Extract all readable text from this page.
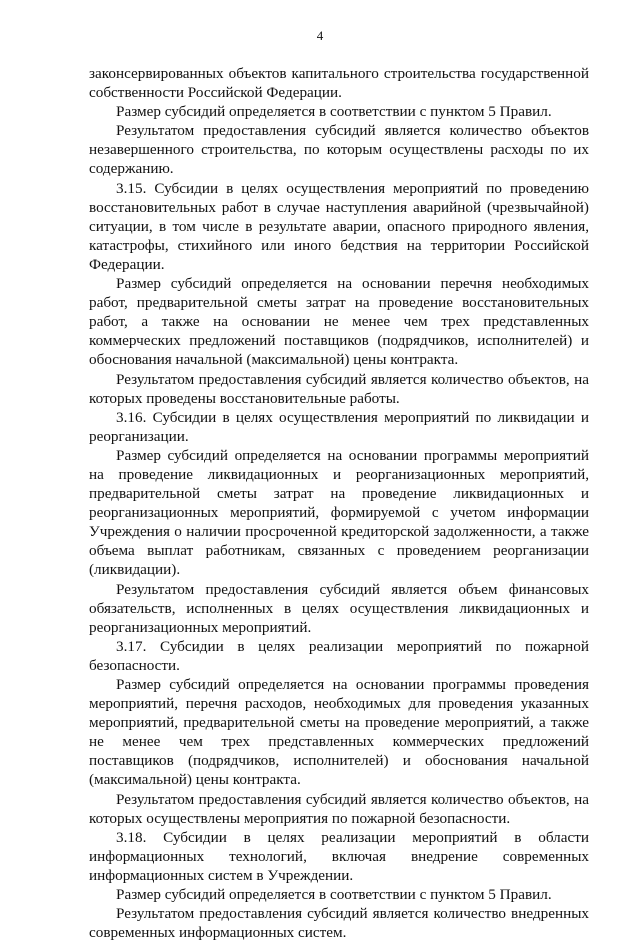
4

законсервированных объектов капитального строительства государственной собственности Российской Федерации.

Размер субсидий определяется в соответствии с пунктом 5 Правил.

Результатом предоставления субсидий является количество объектов незавершенного строительства, по которым осуществлены расходы по их содержанию.

3.15. Субсидии в целях осуществления мероприятий по проведению восстановительных работ в случае наступления аварийной (чрезвычайной) ситуации, в том числе в результате аварии, опасного природного явления, катастрофы, стихийного или иного бедствия на территории Российской Федерации.

Размер субсидий определяется на основании перечня необходимых работ, предварительной сметы затрат на проведение восстановительных работ, а также на основании не менее чем трех представленных коммерческих предложений поставщиков (подрядчиков, исполнителей) и обоснования начальной (максимальной) цены контракта.

Результатом предоставления субсидий является количество объектов, на которых проведены восстановительные работы.

3.16. Субсидии в целях осуществления мероприятий по ликвидации и реорганизации.

Размер субсидий определяется на основании программы мероприятий на проведение ликвидационных и реорганизационных мероприятий, предварительной сметы затрат на проведение ликвидационных и реорганизационных мероприятий, формируемой с учетом информации Учреждения о наличии просроченной кредиторской задолженности, а также объема выплат работникам, связанных с проведением реорганизации (ликвидации).

Результатом предоставления субсидий является объем финансовых обязательств, исполненных в целях осуществления ликвидационных и реорганизационных мероприятий.

3.17. Субсидии в целях реализации мероприятий по пожарной безопасности.

Размер субсидий определяется на основании программы проведения мероприятий, перечня расходов, необходимых для проведения указанных мероприятий, предварительной сметы на проведение мероприятий, а также не менее чем трех представленных коммерческих предложений поставщиков (подрядчиков, исполнителей) и обоснования начальной (максимальной) цены контракта.

Результатом предоставления субсидий является количество объектов, на которых осуществлены мероприятия по пожарной безопасности.

3.18. Субсидии в целях реализации мероприятий в области информационных технологий, включая внедрение современных информационных систем в Учреждении.

Размер субсидий определяется в соответствии с пунктом 5 Правил.

Результатом предоставления субсидий является количество внедренных современных информационных систем.
